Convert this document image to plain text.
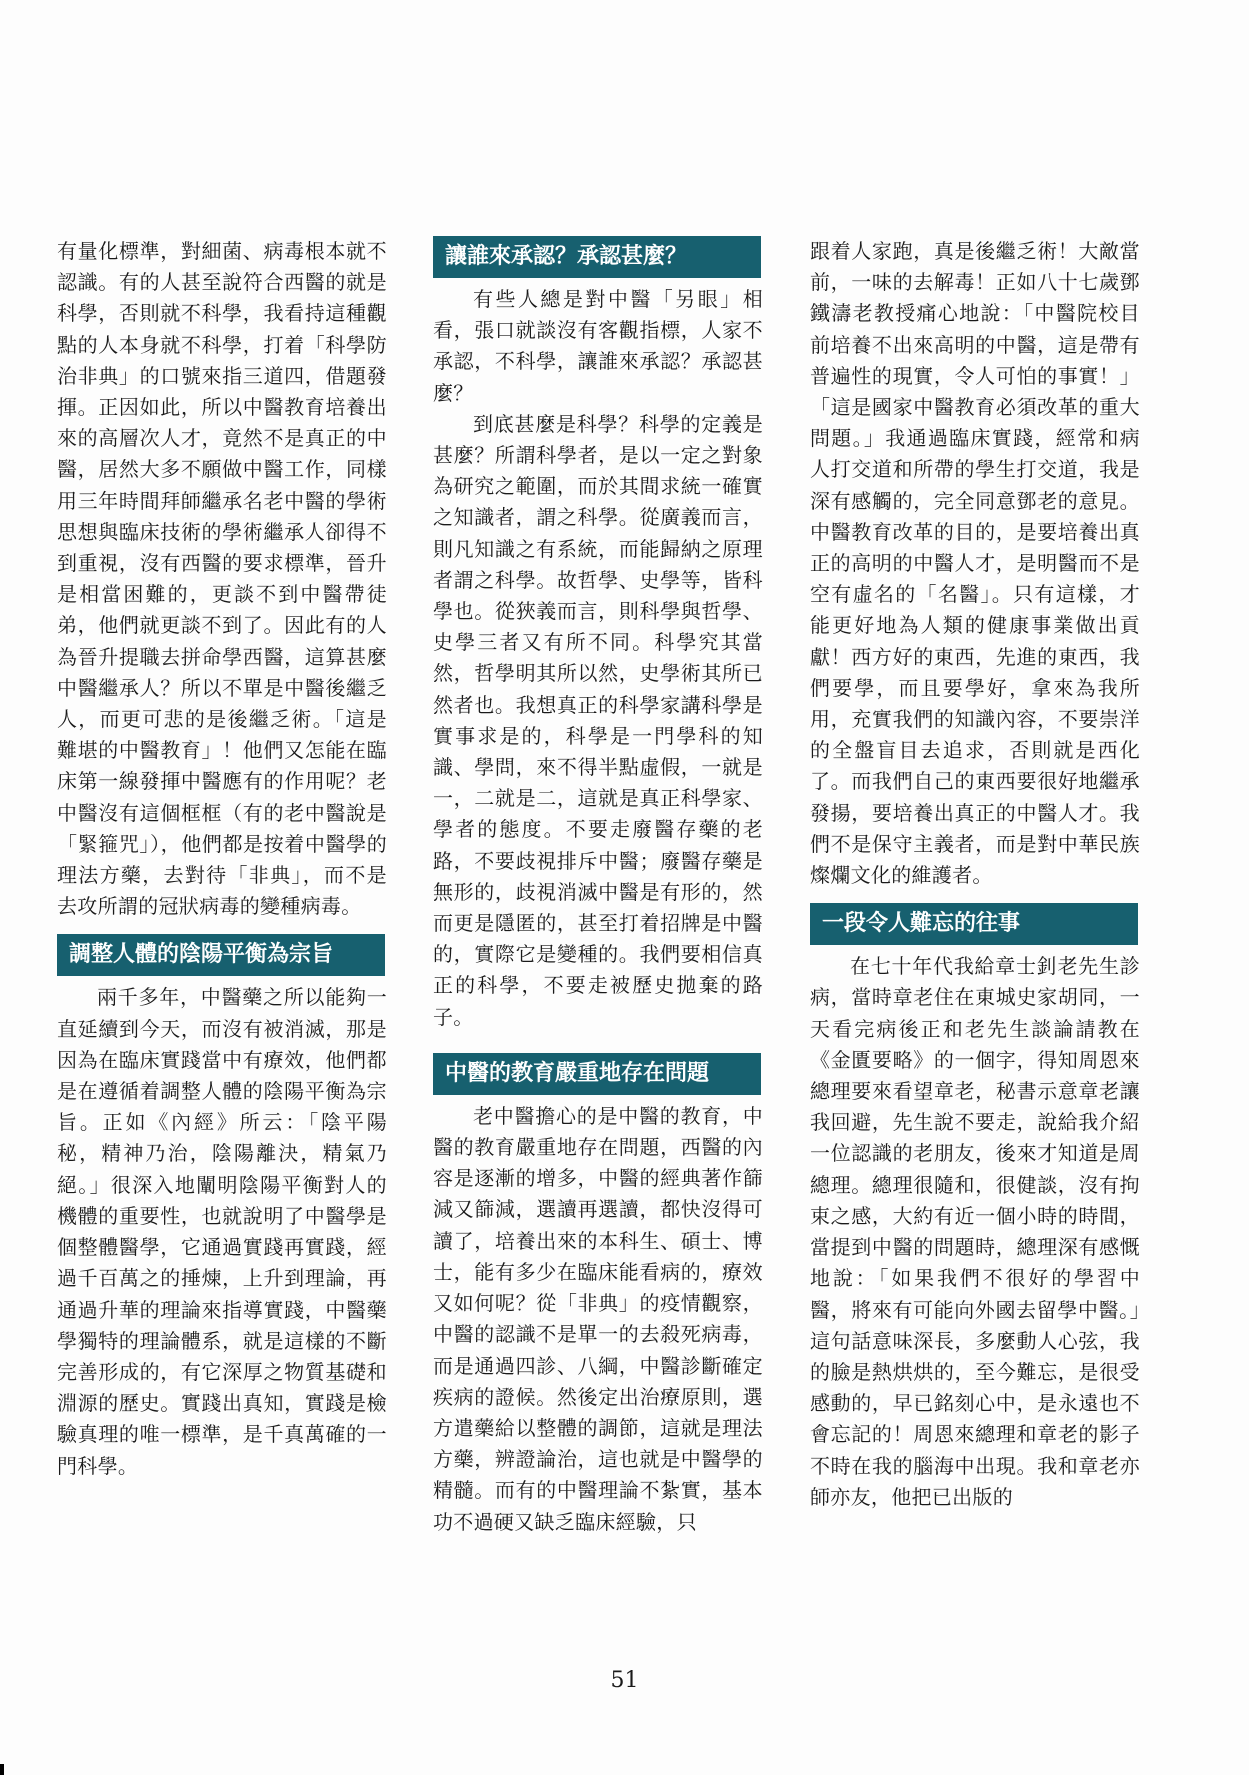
有量化標準，對細菌、病毒根本就不認識。有的人甚至說符合西醫的就是科學，否則就不科學，我看持這種觀點的人本身就不科學，打着「科學防治非典」的口號來指三道四，借題發揮。正因如此，所以中醫教育培養出來的高層次人才，竟然不是真正的中醫，居然大多不願做中醫工作，同樣用三年時間拜師繼承名老中醫的學術思想與臨床技術的學術繼承人卻得不到重視，沒有西醫的要求標準，晉升是相當困難的，更談不到中醫帶徒弟，他們就更談不到了。因此有的人為晉升提職去拼命學西醫，這算甚麼中醫繼承人？所以不單是中醫後繼乏人，而更可悲的是後繼乏術。「這是難堪的中醫教育」！他們又怎能在臨床第一線發揮中醫應有的作用呢？老中醫沒有這個框框（有的老中醫說是「緊箍咒」），他們都是按着中醫學的理法方藥，去對待「非典」，而不是去攻所謂的冠狀病毒的變種病毒。

調整人體的陰陽平衡為宗旨

兩千多年，中醫藥之所以能夠一直延續到今天，而沒有被消滅，那是因為在臨床實踐當中有療效，他們都是在遵循着調整人體的陰陽平衡為宗旨。正如《內經》所云：「陰平陽秘，精神乃治，陰陽離決，精氣乃絕。」很深入地闡明陰陽平衡對人的機體的重要性，也就說明了中醫學是個整體醫學，它通過實踐再實踐，經過千百萬之的捶煉，上升到理論，再通過升華的理論來指導實踐，中醫藥學獨特的理論體系，就是這樣的不斷完善形成的，有它深厚之物質基礎和淵源的歷史。實踐出真知，實踐是檢驗真理的唯一標準，是千真萬確的一門科學。

讓誰來承認？承認甚麼？

有些人總是對中醫「另眼」相看，張口就談沒有客觀指標，人家不承認，不科學，讓誰來承認？承認甚麼？

到底甚麼是科學？科學的定義是甚麼？所謂科學者，是以一定之對象為研究之範圍，而於其間求統一確實之知識者，謂之科學。從廣義而言，則凡知識之有系統，而能歸納之原理者謂之科學。故哲學、史學等，皆科學也。從狹義而言，則科學與哲學、史學三者又有所不同。科學究其當然，哲學明其所以然，史學術其所已然者也。我想真正的科學家講科學是實事求是的，科學是一門學科的知識、學問，來不得半點虛假，一就是一，二就是二，這就是真正科學家、學者的態度。不要走廢醫存藥的老路，不要歧視排斥中醫；廢醫存藥是無形的，歧視消滅中醫是有形的，然而更是隱匿的，甚至打着招牌是中醫的，實際它是變種的。我們要相信真正的科學，不要走被歷史拋棄的路子。

中醫的教育嚴重地存在問題

老中醫擔心的是中醫的教育，中醫的教育嚴重地存在問題，西醫的內容是逐漸的增多，中醫的經典著作篩減又篩減，選讀再選讀，都快沒得可讀了，培養出來的本科生、碩士、博士，能有多少在臨床能看病的，療效又如何呢？從「非典」的疫情觀察，中醫的認識不是單一的去殺死病毒，而是通過四診、八綱，中醫診斷確定疾病的證候。然後定出治療原則，選方遣藥給以整體的調節，這就是理法方藥，辨證論治，這也就是中醫學的精髓。而有的中醫理論不紮實，基本功不過硬又缺乏臨床經驗，只

跟着人家跑，真是後繼乏術！大敵當前，一味的去解毒！正如八十七歲鄧鐵濤老教授痛心地說：「中醫院校目前培養不出來高明的中醫，這是帶有普遍性的現實，令人可怕的事實！」「這是國家中醫教育必須改革的重大問題。」我通過臨床實踐，經常和病人打交道和所帶的學生打交道，我是深有感觸的，完全同意鄧老的意見。中醫教育改革的目的，是要培養出真正的高明的中醫人才，是明醫而不是空有虛名的「名醫」。只有這樣，才能更好地為人類的健康事業做出貢獻！西方好的東西，先進的東西，我們要學，而且要學好，拿來為我所用，充實我們的知識內容，不要崇洋的全盤盲目去追求，否則就是西化了。而我們自己的東西要很好地繼承發揚，要培養出真正的中醫人才。我們不是保守主義者，而是對中華民族燦爛文化的維護者。

一段令人難忘的往事

在七十年代我給章士釗老先生診病，當時章老住在東城史家胡同，一天看完病後正和老先生談論請教在《金匱要略》的一個字，得知周恩來總理要來看望章老，秘書示意章老讓我回避，先生說不要走，說給我介紹一位認識的老朋友，後來才知道是周總理。總理很隨和，很健談，沒有拘束之感，大約有近一個小時的時間，當提到中醫的問題時，總理深有感慨地說：「如果我們不很好的學習中醫，將來有可能向外國去留學中醫。」這句話意味深長，多麼動人心弦，我的臉是熱烘烘的，至今難忘，是很受感動的，早已銘刻心中，是永遠也不會忘記的！周恩來總理和章老的影子不時在我的腦海中出現。我和章老亦師亦友，他把已出版的

51
